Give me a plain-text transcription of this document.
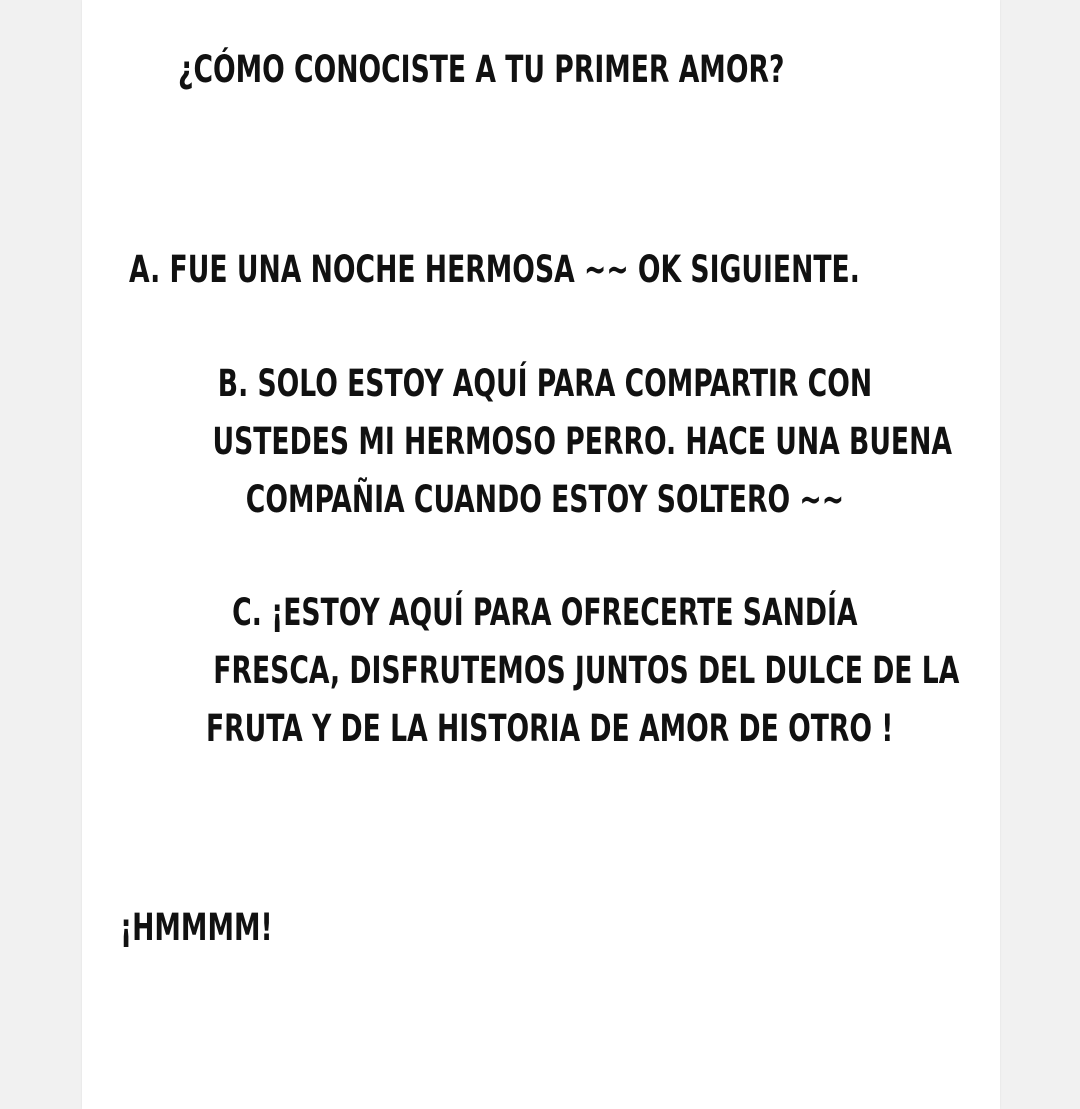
¿CÓMO CONOCISTE A TU PRIMER AMOR?
A. FUE UNA NOCHE HERMOSA ~~ OK SIGUIENTE.
B. SOLO ESTOY AQUÍ PARA COMPARTIR CON
USTEDES MI HERMOSO PERRO. HACE UNA BUENA
COMPAÑIA CUANDO ESTOY SOLTERO ~~
C. ¡ESTOY AQUÍ PARA OFRECERTE SANDÍA
FRESCA, DISFRUTEMOS JUNTOS DEL DULCE DE LA
FRUTA Y DE LA HISTORIA DE AMOR DE OTRO !
¡HMMMM!
